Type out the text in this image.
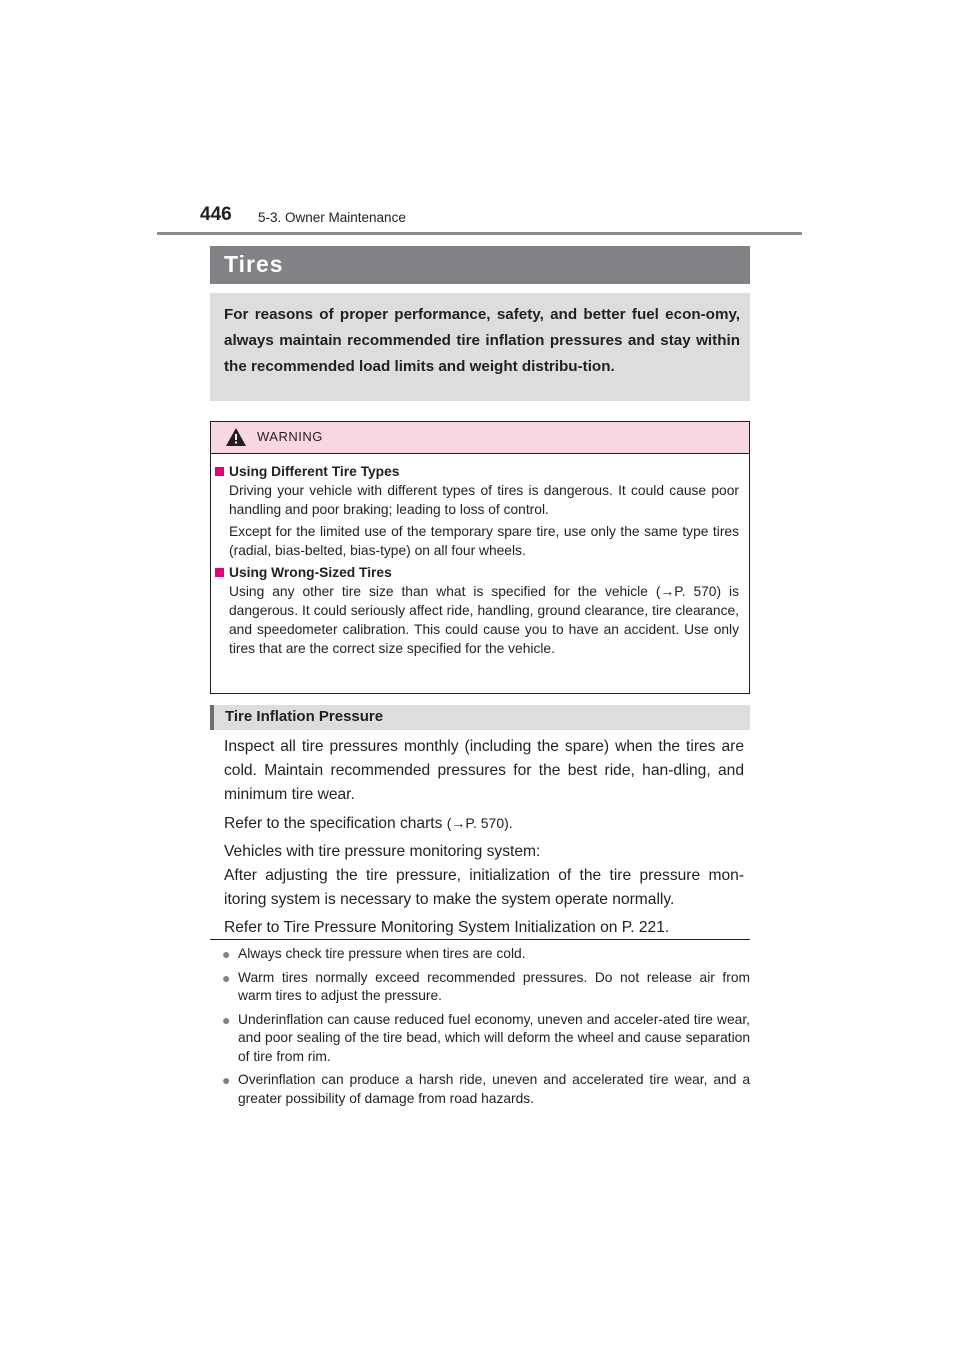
446 5-3. Owner Maintenance
Tires
For reasons of proper performance, safety, and better fuel econ-omy, always maintain recommended tire inflation pressures and stay within the recommended load limits and weight distribu-tion.
WARNING
Using Different Tire Types
Driving your vehicle with different types of tires is dangerous. It could cause poor handling and poor braking; leading to loss of control.
Except for the limited use of the temporary spare tire, use only the same type tires (radial, bias-belted, bias-type) on all four wheels.
Using Wrong-Sized Tires
Using any other tire size than what is specified for the vehicle (→P. 570) is dangerous. It could seriously affect ride, handling, ground clearance, tire clearance, and speedometer calibration. This could cause you to have an accident. Use only tires that are the correct size specified for the vehicle.
Tire Inflation Pressure

Inspect all tire pressures monthly (including the spare) when the tires are cold. Maintain recommended pressures for the best ride, han-dling, and minimum tire wear.

Refer to the specification charts (→P. 570).

Vehicles with tire pressure monitoring system:
After adjusting the tire pressure, initialization of the tire pressure mon-itoring system is necessary to make the system operate normally.

Refer to Tire Pressure Monitoring System Initialization on P. 221.

● Always check tire pressure when tires are cold.
● Warm tires normally exceed recommended pressures. Do not release air from warm tires to adjust the pressure.
● Underinflation can cause reduced fuel economy, uneven and acceler-ated tire wear, and poor sealing of the tire bead, which will deform the wheel and cause separation of tire from rim.
● Overinflation can produce a harsh ride, uneven and accelerated tire wear, and a greater possibility of damage from road hazards.
